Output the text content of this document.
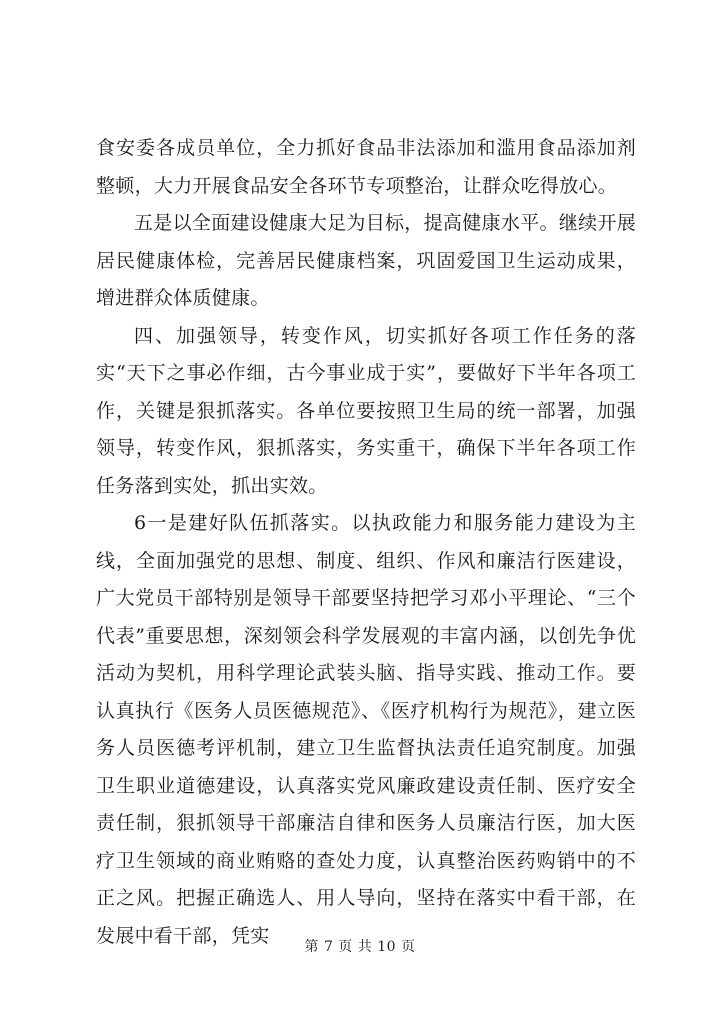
食安委各成员单位，全力抓好食品非法添加和滥用食品添加剂整顿，大力开展食品安全各环节专项整治，让群众吃得放心。

五是以全面建设健康大足为目标，提高健康水平。继续开展居民健康体检，完善居民健康档案，巩固爱国卫生运动成果，增进群众体质健康。

四、加强领导，转变作风，切实抓好各项工作任务的落实“天下之事必作细，古今事业成于实”，要做好下半年各项工作，关键是狠抓落实。各单位要按照卫生局的统一部署，加强领导，转变作风，狠抓落实，务实重干，确保下半年各项工作任务落到实处，抓出实效。

6一是建好队伍抓落实。以执政能力和服务能力建设为主线，全面加强党的思想、制度、组织、作风和廉洁行医建设，广大党员干部特别是领导干部要坚持把学习邓小平理论、“三个代表”重要思想，深刻领会科学发展观的丰富内涵，以创先争优活动为契机，用科学理论武装头脑、指导实践、推动工作。要认真执行《医务人员医德规范》、《医疗机构行为规范》，建立医务人员医德考评机制，建立卫生监督执法责任追究制度。加强卫生职业道德建设，认真落实党风廉政建设责任制、医疗安全责任制，狠抓领导干部廉洁自律和医务人员廉洁行医，加大医疗卫生领域的商业贿赂的查处力度，认真整治医药购销中的不正之风。把握正确选人、用人导向，坚持在落实中看干部，在发展中看干部，凭实

第 7 页 共 10 页
